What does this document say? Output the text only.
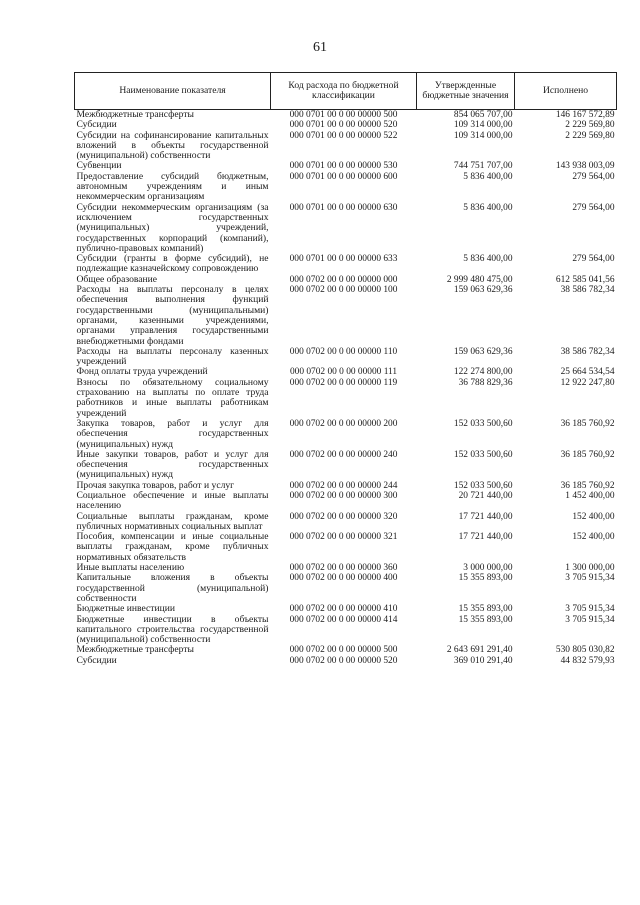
61
Наименование показателя	Код расхода по бюджетной классификации	Утвержденные бюджетные значения	Исполнено
Межбюджетные трансферты	000 0701 00 0 00 00000 500	854 065 707,00	146 167 572,89
Субсидии	000 0701 00 0 00 00000 520	109 314 000,00	2 229 569,80
Субсидии на софинансирование капитальных вложений в объекты государственной (муниципальной) собственности	000 0701 00 0 00 00000 522	109 314 000,00	2 229 569,80
Субвенции	000 0701 00 0 00 00000 530	744 751 707,00	143 938 003,09
Предоставление субсидий бюджетным, автономным учреждениям и иным некоммерческим организациям	000 0701 00 0 00 00000 600	5 836 400,00	279 564,00
Субсидии некоммерческим организациям (за исключением государственных (муниципальных) учреждений, государственных корпораций (компаний), публично-правовых компаний)	000 0701 00 0 00 00000 630	5 836 400,00	279 564,00
Субсидии (гранты в форме субсидий), не подлежащие казначейскому сопровождению	000 0701 00 0 00 00000 633	5 836 400,00	279 564,00
Общее образование	000 0702 00 0 00 00000 000	2 999 480 475,00	612 585 041,56
Расходы на выплаты персоналу в целях обеспечения выполнения функций государственными (муниципальными) органами, казенными учреждениями, органами управления государственными внебюджетными фондами	000 0702 00 0 00 00000 100	159 063 629,36	38 586 782,34
Расходы на выплаты персоналу казенных учреждений	000 0702 00 0 00 00000 110	159 063 629,36	38 586 782,34
Фонд оплаты труда учреждений	000 0702 00 0 00 00000 111	122 274 800,00	25 664 534,54
Взносы по обязательному социальному страхованию на выплаты по оплате труда работников и иные выплаты работникам учреждений	000 0702 00 0 00 00000 119	36 788 829,36	12 922 247,80
Закупка товаров, работ и услуг для обеспечения государственных (муниципальных) нужд	000 0702 00 0 00 00000 200	152 033 500,60	36 185 760,92
Иные закупки товаров, работ и услуг для обеспечения государственных (муниципальных) нужд	000 0702 00 0 00 00000 240	152 033 500,60	36 185 760,92
Прочая закупка товаров, работ и услуг	000 0702 00 0 00 00000 244	152 033 500,60	36 185 760,92
Социальное обеспечение и иные выплаты населению	000 0702 00 0 00 00000 300	20 721 440,00	1 452 400,00
Социальные выплаты гражданам, кроме публичных нормативных социальных выплат	000 0702 00 0 00 00000 320	17 721 440,00	152 400,00
Пособия, компенсации и иные социальные выплаты гражданам, кроме публичных нормативных обязательств	000 0702 00 0 00 00000 321	17 721 440,00	152 400,00
Иные выплаты населению	000 0702 00 0 00 00000 360	3 000 000,00	1 300 000,00
Капитальные вложения в объекты государственной (муниципальной) собственности	000 0702 00 0 00 00000 400	15 355 893,00	3 705 915,34
Бюджетные инвестиции	000 0702 00 0 00 00000 410	15 355 893,00	3 705 915,34
Бюджетные инвестиции в объекты капитального строительства государственной (муниципальной) собственности	000 0702 00 0 00 00000 414	15 355 893,00	3 705 915,34
Межбюджетные трансферты	000 0702 00 0 00 00000 500	2 643 691 291,40	530 805 030,82
Субсидии	000 0702 00 0 00 00000 520	369 010 291,40	44 832 579,93
